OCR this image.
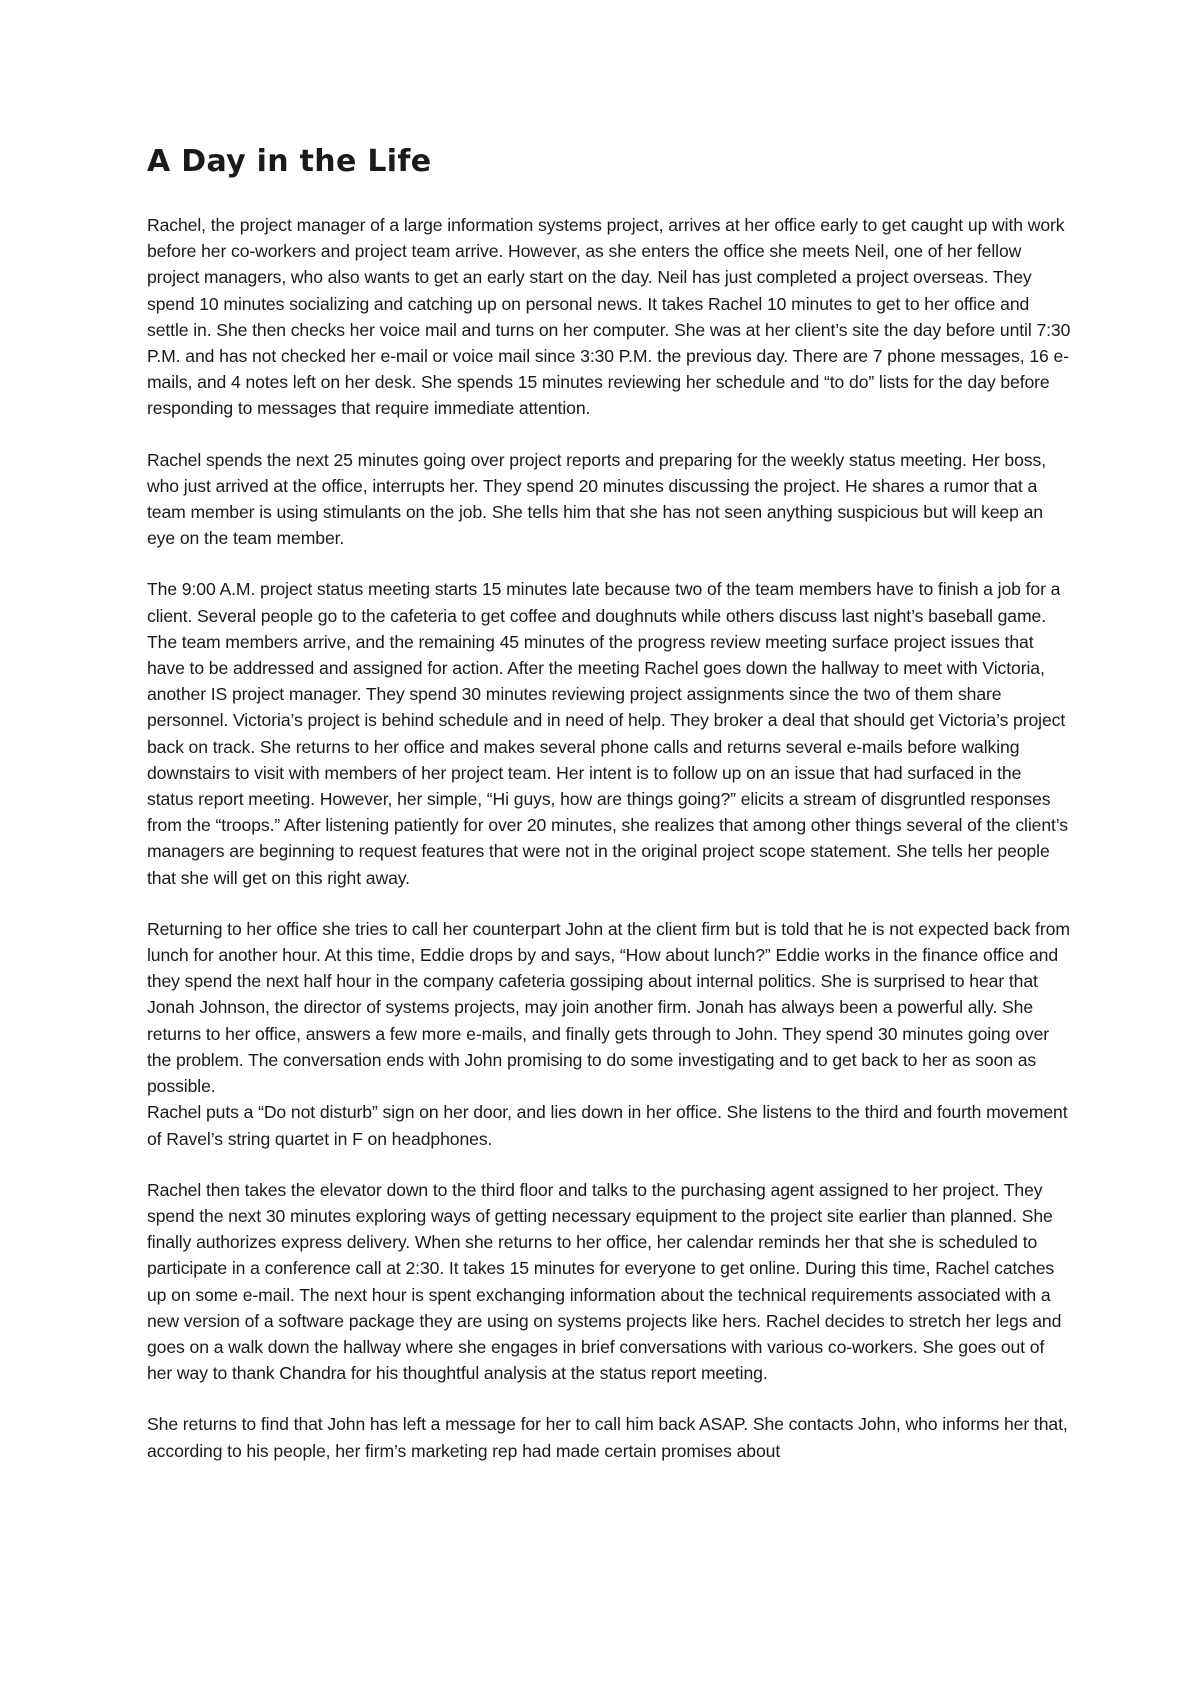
A Day in the Life

Rachel, the project manager of a large information systems project, arrives at her office early to get caught up with work before her co-workers and project team arrive. However, as she enters the office she meets Neil, one of her fellow project managers, who also wants to get an early start on the day. Neil has just completed a project overseas. They spend 10 minutes socializing and catching up on personal news. It takes Rachel 10 minutes to get to her office and settle in. She then checks her voice mail and turns on her computer. She was at her client’s site the day before until 7:30 P.M. and has not checked her e-mail or voice mail since 3:30 P.M. the previous day. There are 7 phone messages, 16 e-mails, and 4 notes left on her desk. She spends 15 minutes reviewing her schedule and “to do” lists for the day before responding to messages that require immediate attention.

Rachel spends the next 25 minutes going over project reports and preparing for the weekly status meeting. Her boss, who just arrived at the office, interrupts her. They spend 20 minutes discussing the project. He shares a rumor that a team member is using stimulants on the job. She tells him that she has not seen anything suspicious but will keep an eye on the team member.

The 9:00 A.M. project status meeting starts 15 minutes late because two of the team members have to finish a job for a client. Several people go to the cafeteria to get coffee and doughnuts while others discuss last night’s baseball game. The team members arrive, and the remaining 45 minutes of the progress review meeting surface project issues that have to be addressed and assigned for action. After the meeting Rachel goes down the hallway to meet with Victoria, another IS project manager. They spend 30 minutes reviewing project assignments since the two of them share personnel. Victoria’s project is behind schedule and in need of help. They broker a deal that should get Victoria’s project back on track. She returns to her office and makes several phone calls and returns several e-mails before walking downstairs to visit with members of her project team. Her intent is to follow up on an issue that had surfaced in the status report meeting. However, her simple, “Hi guys, how are things going?” elicits a stream of disgruntled responses from the “troops.” After listening patiently for over 20 minutes, she realizes that among other things several of the client’s managers are beginning to request features that were not in the original project scope statement. She tells her people that she will get on this right away.

Returning to her office she tries to call her counterpart John at the client firm but is told that he is not expected back from lunch for another hour. At this time, Eddie drops by and says, “How about lunch?” Eddie works in the finance office and they spend the next half hour in the company cafeteria gossiping about internal politics. She is surprised to hear that Jonah Johnson, the director of systems projects, may join another firm. Jonah has always been a powerful ally. She returns to her office, answers a few more e-mails, and finally gets through to John. They spend 30 minutes going over the problem. The conversation ends with John promising to do some investigating and to get back to her as soon as possible.

Rachel puts a “Do not disturb” sign on her door, and lies down in her office. She listens to the third and fourth movement of Ravel’s string quartet in F on headphones.

Rachel then takes the elevator down to the third floor and talks to the purchasing agent assigned to her project. They spend the next 30 minutes exploring ways of getting necessary equipment to the project site earlier than planned. She finally authorizes express delivery. When she returns to her office, her calendar reminds her that she is scheduled to participate in a conference call at 2:30. It takes 15 minutes for everyone to get online. During this time, Rachel catches up on some e-mail. The next hour is spent exchanging information about the technical requirements associated with a new version of a software package they are using on systems projects like hers. Rachel decides to stretch her legs and goes on a walk down the hallway where she engages in brief conversations with various co-workers. She goes out of her way to thank Chandra for his thoughtful analysis at the status report meeting.

She returns to find that John has left a message for her to call him back ASAP. She contacts John, who informs her that, according to his people, her firm’s marketing rep had made certain promises about
